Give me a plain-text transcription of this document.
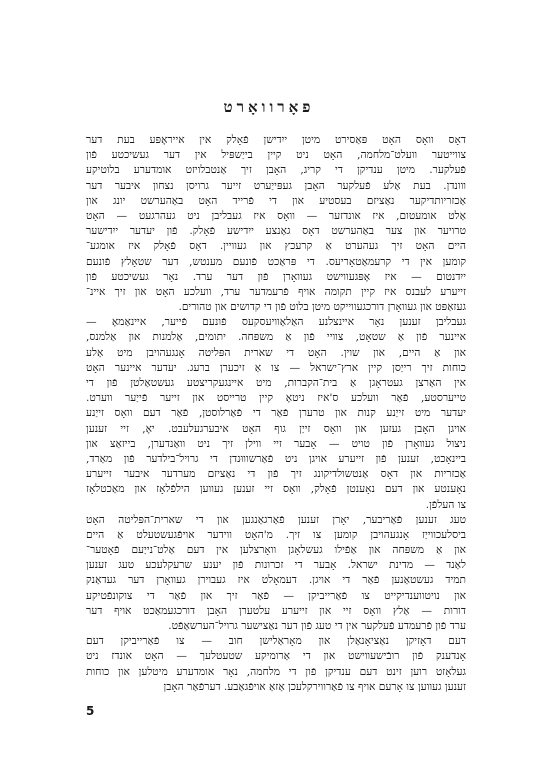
פאָרוואָרט
דאָס וואָס האָט פּאַסירט מיטן ייִדישן פֿאָלק אין אייראָפּע בעת דער
צווייטער וועלט־מלחמה, האָט ניט קיין בייַשפּיל אין דער געשיכטע פֿון
פֿעלקער. מיטן ענדיקן די קריג, האָבן זיך אַנטבלויזט אומדערע בלוטיקע
ווונדן. בעת אַלע פֿעלקער האָבן געפּייַערט זייער גרויסן נצחון איבער דער
אַכזריותדיקער נאַציזם בעסטיע און די פֿרייד האָט באַהערשט יונג און
אַלט אומעטום, איז אונדזער — וואָס איז געבליבן ניט געהרגעט — האָט
טרויער און צער באַהערשט דאָס גאַנצע ייִדישע פֿאָלק. פֿון יעדער ייִדישער
היים האָט זיך געהערט אַ קרעכץ און געוויין. דאָס פֿאָלק איז אומגע־
קומען אין די קרעמאַטאָריעס. די פּראַכט פֿונעם מענטש, דער שטאָלץ פֿונעם
ייִדנטום — איז אָפּגעווישט געוואָרן פֿון דער ערד. נאָר געשיכטע פֿון
זייערע לעבנס איז קיין תקומה אויף פֿרעמדער ערד, וועלכע האָט און זיך איינ־
געזאַפּט און געוואָרן דורכגעווייקט מיטן בלוט פֿון די קדושים און טהורים.
געבליבן זענען נאָר איינצלנע האַלאַוויעסקעס פֿונעם פֿייער, איינאַמאָ —
איינער פֿון אַ שטאָט, צוויי פֿון אַ משפּחה. יתומים, אַלמנות און אַלמנס,
און אַ היים, און שוין. האָט די שארית הפּליטה אָנגעהויבן מיט אַלע
כוחות זיך רייַסן קיין ארץ־ישראל — צו אַ זיכערן ברעג. יעדער איינער האָט
אין האַרצן געטראָגן אַ בית־הקברות, מיט איינגעקריצטע געשטאַלטן פֿון די
טייערסטע, פֿאַר וועלכע ס'איז ניטאָ קיין טרייסט און זייער פֿייַער ווערט.
יעדער מיט זייַנע קנות און טרערן פֿאַר די פֿאַרלוסטן, פֿאַר דעם וואָס זייַנע
אויגן האָבן געזען און וואָס זייַן גוף האָט איבערגעלעבט. יאָ, זיי זענען
ניצול געוואָרן פֿון טויט — אָבער זיי ווילן זיך ניט וואַנדערן, בייזאַצ און
ביינאָכט, זענען פֿון זייערע אויגן ניט פֿאַרשוווּנדן די גרויל־בילדער פֿון מאַרד,
אַכזריות און דאָס אַנטשולדיקונג זיך פֿון די נאַציזם מערדער איבער זייערע
נאָענטע און דעם נאָענטן פֿאָלק, וואָס זיי זענען געווען הילפֿלאָז און מאַכטלאָז
צו העלפֿן.
טעג זענען פֿאַריבער, יאָרן זענען פֿאַרגאַנגען און די שארית־הפּליטה האָט
ביסלעכווייַז אָנגעהויבן קומען צו זיך. מ'האָט ווידער אויפֿגעשטעלט אַ היים
און אַ משפּחה און אַפֿילו געשלאָגן וואָרצלען אין דעם אַלט־נייַעם פֿאָטער־
לאַנד — מדינת ישראל. אָבער די זכרונות פֿון יענע שרעקלעכע טעג זענען
תמיד געשטאַנען פֿאַר די אויגן. דעמאָלט איז געבוירן געוואָרן דער געדאַנק
און נויטווענדיקייט צו פֿאַרייביקן — פֿאַר זיך און פֿאַר די צוקונפֿטיקע
דורות — אַלץ וואָס זיי און זייערע עלטערן האָבן דורכגעמאַכט אויף דער
ערד פֿון פֿרעמדע פֿעלקער אין די טעג פֿון דער נאַצישער גרויל־הערשאַפֿט.
דעם דאָזיקן נאַציאָנאַלן און מאָראַלישן חוב — צו פֿאַרייביקן דעם
אָנדענק פֿון רובֿישעווישט און די אַרומיקע שטעטלעך — האָט אונדז ניט
געלאָזט רוען זינט דעם ענדיקן פֿון די מלחמה, נאָר אומדערע מיטלען און כוחות
זענען געווען צו אָרעם אויף צו פֿאַרווירקלעכן אַזאַ אויפֿגאַבע. דערפֿאַר האָבן
5
